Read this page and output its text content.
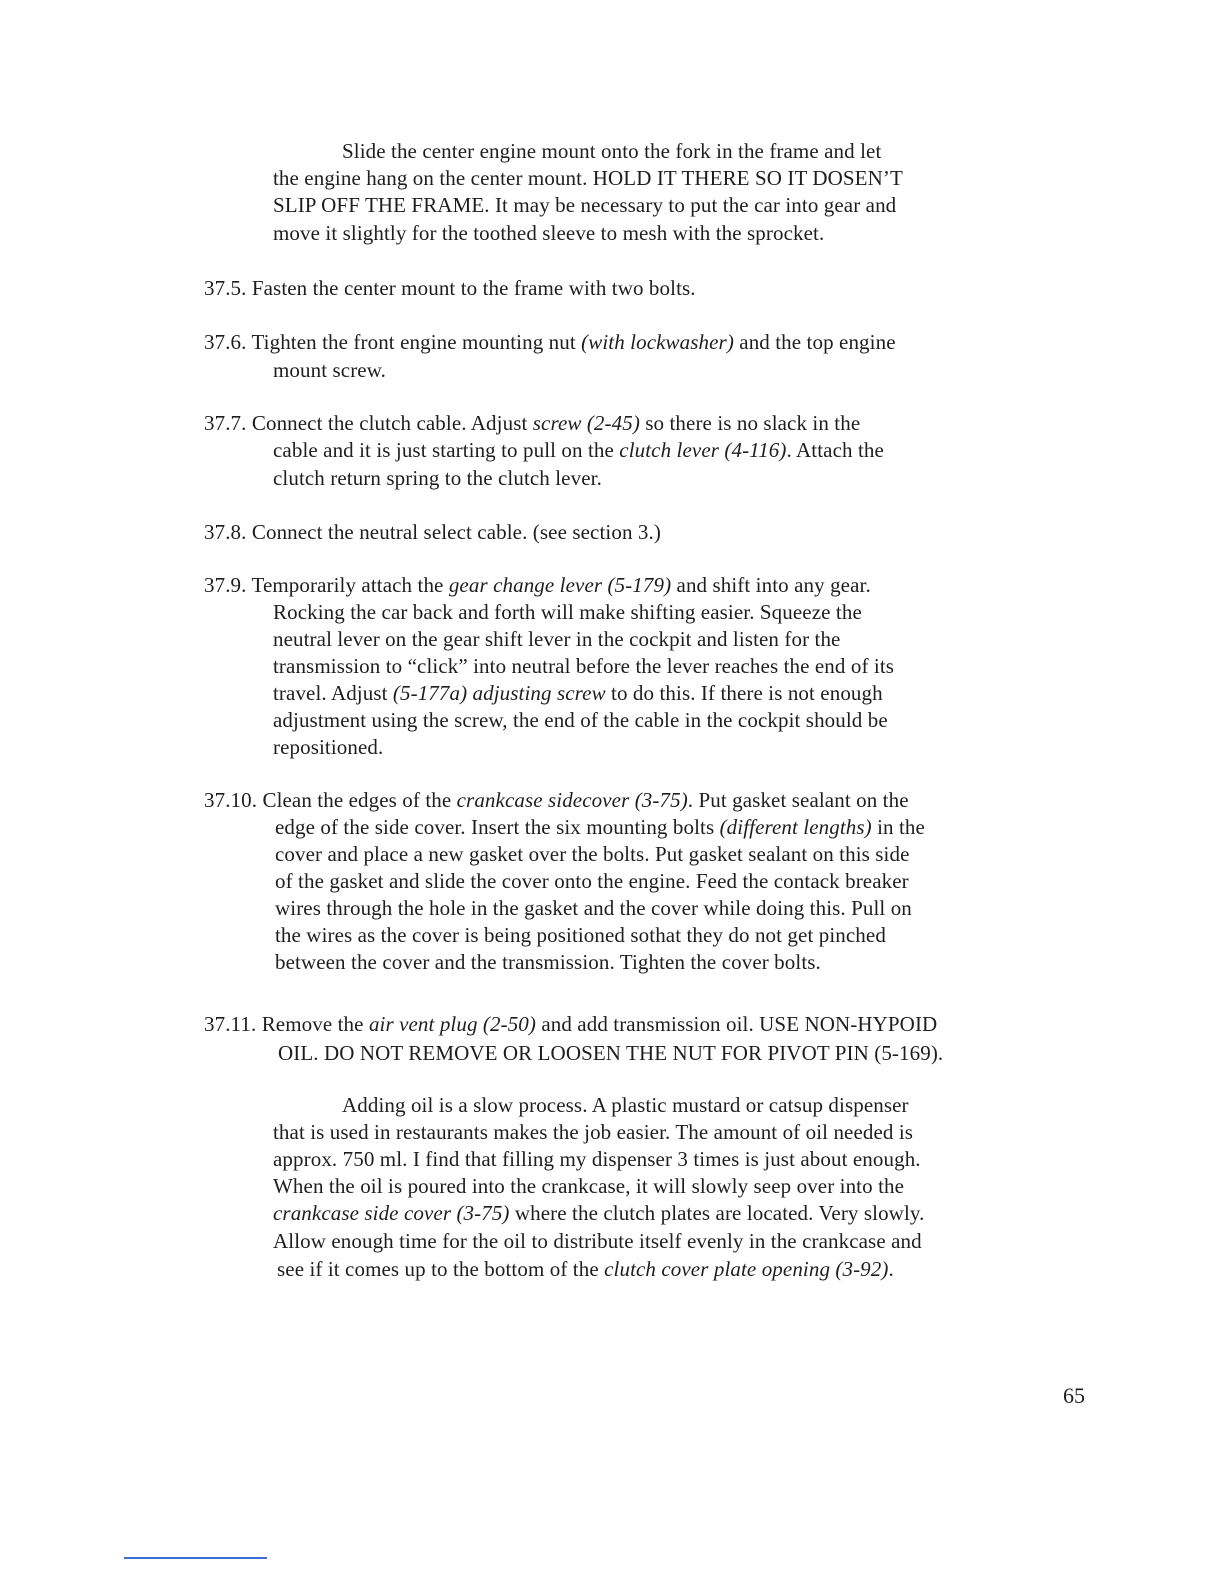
Slide the center engine mount onto the fork in the frame and let
the engine hang on the center mount. HOLD IT THERE SO IT DOSEN’T
SLIP OFF THE FRAME. It may be necessary to put the car into gear and
move it slightly for the toothed sleeve to mesh with the sprocket.
37.5. Fasten the center mount to the frame with two bolts.
37.6. Tighten the front engine mounting nut (with lockwasher) and the top engine
mount screw.
37.7. Connect the clutch cable. Adjust screw (2-45) so there is no slack in the
cable and it is just starting to pull on the clutch lever (4-116). Attach the
clutch return spring to the clutch lever.
37.8. Connect the neutral select cable. (see section 3.)
37.9. Temporarily attach the gear change lever (5-179) and shift into any gear.
Rocking the car back and forth will make shifting easier. Squeeze the
neutral lever on the gear shift lever in the cockpit and listen for the
transmission to “click” into neutral before the lever reaches the end of its
travel. Adjust (5-177a) adjusting screw to do this. If there is not enough
adjustment using the screw, the end of the cable in the cockpit should be
repositioned.
37.10. Clean the edges of the crankcase sidecover (3-75). Put gasket sealant on the
edge of the side cover. Insert the six mounting bolts (different lengths) in the
cover and place a new gasket over the bolts. Put gasket sealant on this side
of the gasket and slide the cover onto the engine. Feed the contack breaker
wires through the hole in the gasket and the cover while doing this. Pull on
the wires as the cover is being positioned sothat they do not get pinched
between the cover and the transmission. Tighten the cover bolts.
37.11. Remove the air vent plug (2-50) and add transmission oil. USE NON-HYPOID
OIL. DO NOT REMOVE OR LOOSEN THE NUT FOR PIVOT PIN (5-169).
Adding oil is a slow process. A plastic mustard or catsup dispenser
that is used in restaurants makes the job easier. The amount of oil needed is
approx. 750 ml. I find that filling my dispenser 3 times is just about enough.
When the oil is poured into the crankcase, it will slowly seep over into the
crankcase side cover (3-75) where the clutch plates are located. Very slowly.
Allow enough time for the oil to distribute itself evenly in the crankcase and
see if it comes up to the bottom of the clutch cover plate opening (3-92).
65
